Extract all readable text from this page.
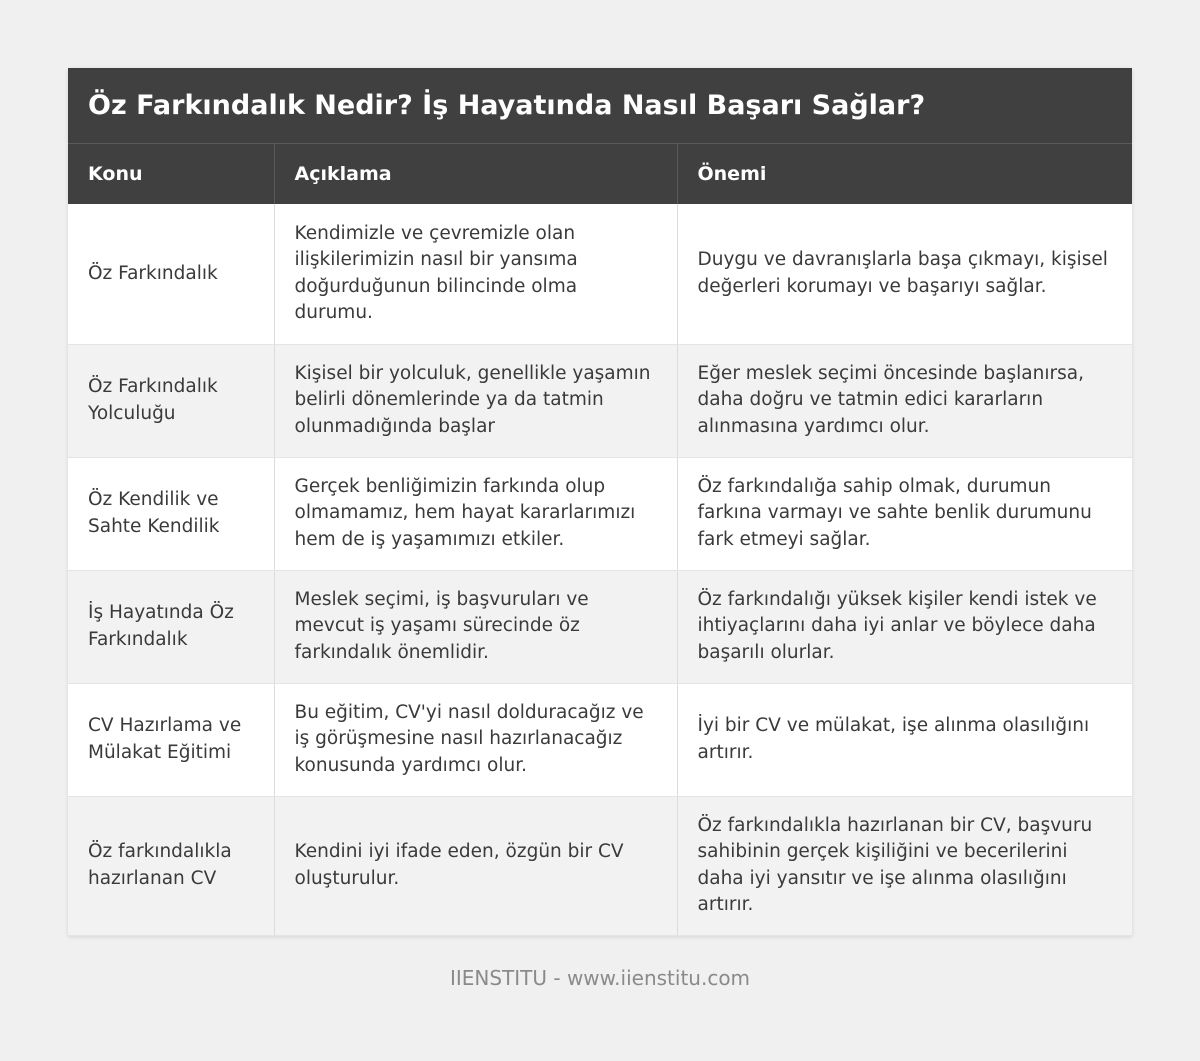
Öz Farkındalık Nedir? İş Hayatında Nasıl Başarı Sağlar?
Konu	Açıklama	Önemi
Öz Farkındalık	Kendimizle ve çevremizle olan ilişkilerimizin nasıl bir yansıma doğurduğunun bilincinde olma durumu.	Duygu ve davranışlarla başa çıkmayı, kişisel değerleri korumayı ve başarıyı sağlar.
Öz Farkındalık Yolculuğu	Kişisel bir yolculuk, genellikle yaşamın belirli dönemlerinde ya da tatmin olunmadığında başlar	Eğer meslek seçimi öncesinde başlanırsa, daha doğru ve tatmin edici kararların alınmasına yardımcı olur.
Öz Kendilik ve Sahte Kendilik	Gerçek benliğimizin farkında olup olmamamız, hem hayat kararlarımızı hem de iş yaşamımızı etkiler.	Öz farkındalığa sahip olmak, durumun farkına varmayı ve sahte benlik durumunu fark etmeyi sağlar.
İş Hayatında Öz Farkındalık	Meslek seçimi, iş başvuruları ve mevcut iş yaşamı sürecinde öz farkındalık önemlidir.	Öz farkındalığı yüksek kişiler kendi istek ve ihtiyaçlarını daha iyi anlar ve böylece daha başarılı olurlar.
CV Hazırlama ve Mülakat Eğitimi	Bu eğitim, CV'yi nasıl dolduracağız ve iş görüşmesine nasıl hazırlanacağız konusunda yardımcı olur.	İyi bir CV ve mülakat, işe alınma olasılığını artırır.
Öz farkındalıkla hazırlanan CV	Kendini iyi ifade eden, özgün bir CV oluşturulur.	Öz farkındalıkla hazırlanan bir CV, başvuru sahibinin gerçek kişiliğini ve becerilerini daha iyi yansıtır ve işe alınma olasılığını artırır.
IIENSTITU - www.iienstitu.com
